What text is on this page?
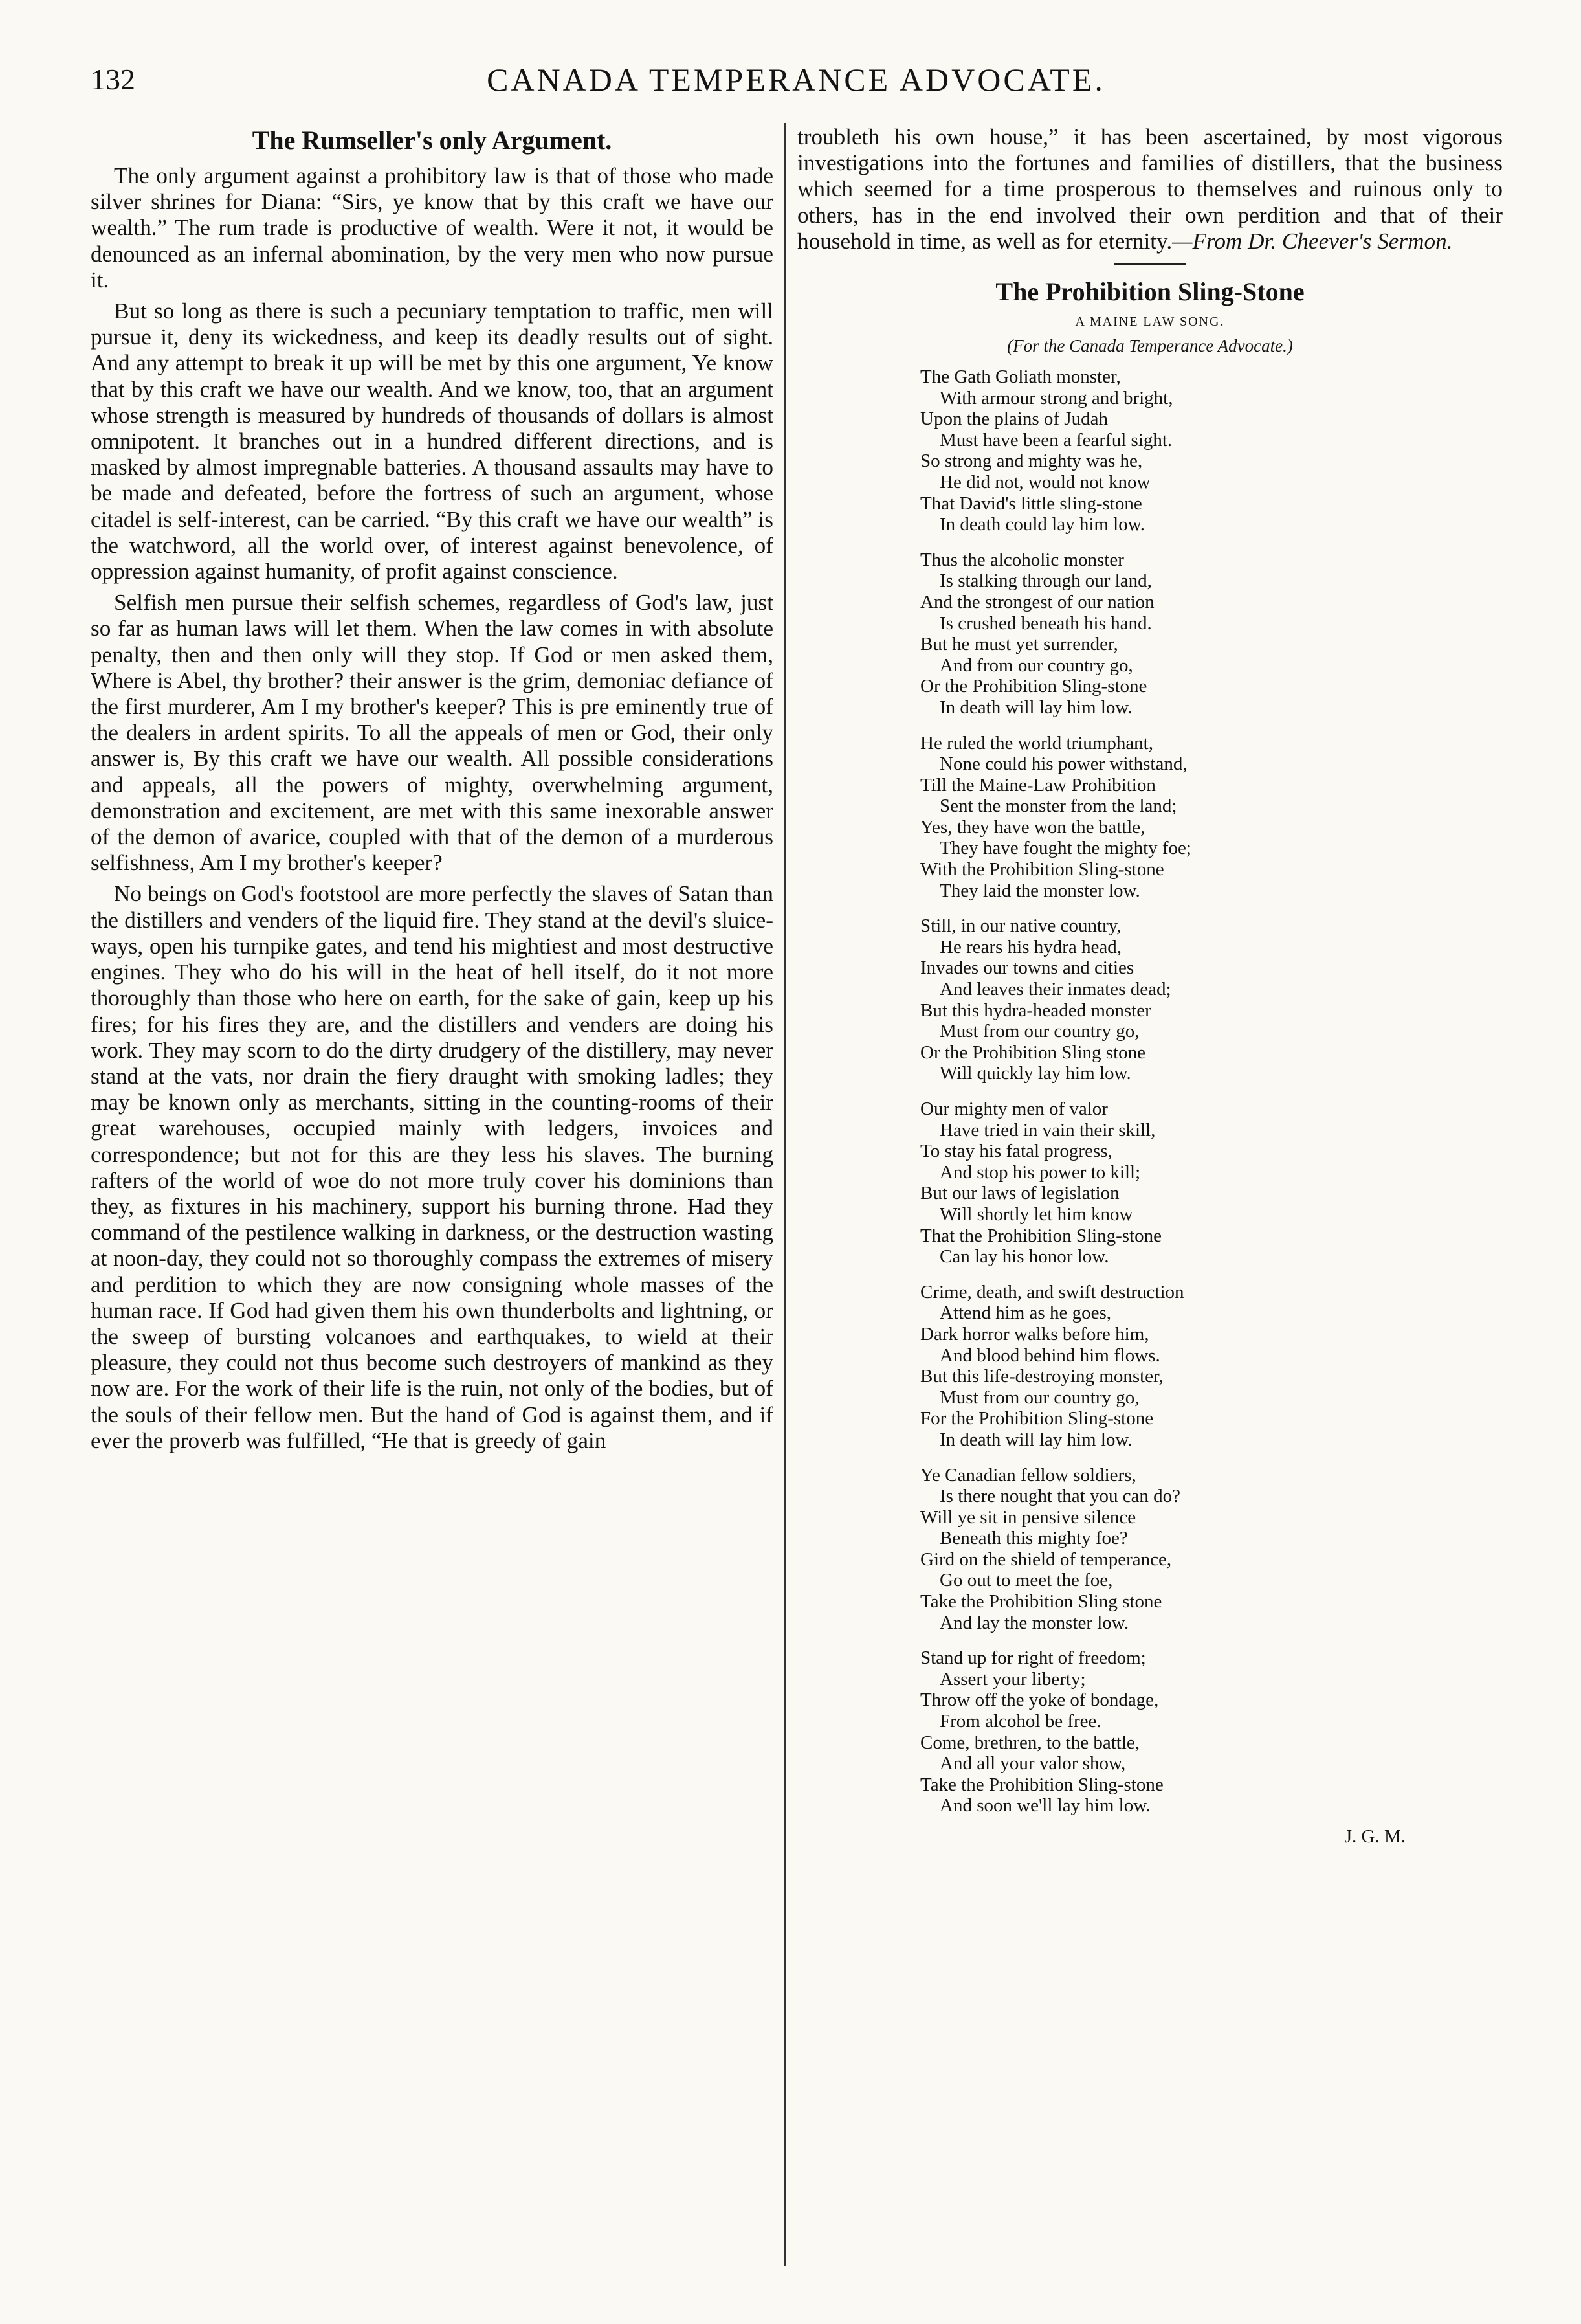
132	CANADA TEMPERANCE ADVOCATE.
The Rumseller's only Argument.

The only argument against a prohibitory law is that of those who made silver shrines for Diana: “Sirs, ye know that by this craft we have our wealth.” The rum trade is productive of wealth. Were it not, it would be denounced as an infernal abomination, by the very men who now pursue it.

But so long as there is such a pecuniary temptation to traffic, men will pursue it, deny its wickedness, and keep its deadly results out of sight. And any attempt to break it up will be met by this one argument, Ye know that by this craft we have our wealth. And we know, too, that an argument whose strength is measured by hundreds of thousands of dollars is almost omnipotent. It branches out in a hundred different directions, and is masked by almost impregnable batteries. A thousand assaults may have to be made and defeated, before the fortress of such an argument, whose citadel is self-interest, can be carried. “By this craft we have our wealth” is the watchword, all the world over, of interest against benevolence, of oppression against humanity, of profit against conscience.

Selfish men pursue their selfish schemes, regardless of God's law, just so far as human laws will let them. When the law comes in with absolute penalty, then and then only will they stop. If God or men asked them, Where is Abel, thy brother? their answer is the grim, demoniac defiance of the first murderer, Am I my brother's keeper? This is pre eminently true of the dealers in ardent spirits. To all the appeals of men or God, their only answer is, By this craft we have our wealth. All possible considerations and appeals, all the powers of mighty, overwhelming argument, demonstration and excitement, are met with this same inexorable answer of the demon of avarice, coupled with that of the demon of a murderous selfishness, Am I my brother's keeper?

No beings on God's footstool are more perfectly the slaves of Satan than the distillers and venders of the liquid fire. They stand at the devil's sluice-ways, open his turnpike gates, and tend his mightiest and most destructive engines. They who do his will in the heat of hell itself, do it not more thoroughly than those who here on earth, for the sake of gain, keep up his fires; for his fires they are, and the distillers and venders are doing his work. They may scorn to do the dirty drudgery of the distillery, may never stand at the vats, nor drain the fiery draught with smoking ladles; they may be known only as merchants, sitting in the counting-rooms of their great warehouses, occupied mainly with ledgers, invoices and correspondence; but not for this are they less his slaves. The burning rafters of the world of woe do not more truly cover his dominions than they, as fixtures in his machinery, support his burning throne. Had they command of the pestilence walking in darkness, or the destruction wasting at noon-day, they could not so thoroughly compass the extremes of misery and perdition to which they are now consigning whole masses of the human race. If God had given them his own thunderbolts and lightning, or the sweep of bursting volcanoes and earthquakes, to wield at their pleasure, they could not thus become such destroyers of mankind as they now are. For the work of their life is the ruin, not only of the bodies, but of the souls of their fellow men. But the hand of God is against them, and if ever the proverb was fulfilled, “He that is greedy of gain

troubleth his own house,” it has been ascertained, by most vigorous investigations into the fortunes and families of distillers, that the business which seemed for a time prosperous to themselves and ruinous only to others, has in the end involved their own perdition and that of their household in time, as well as for eternity.—From Dr. Cheever's Sermon.

The Prohibition Sling-Stone
A MAINE LAW SONG.
(For the Canada Temperance Advocate.)
The Gath Goliath monster,
With armour strong and bright,
Upon the plains of Judah
Must have been a fearful sight.
So strong and mighty was he,
He did not, would not know
That David's little sling-stone
In death could lay him low.
Thus the alcoholic monster
Is stalking through our land,
And the strongest of our nation
Is crushed beneath his hand.
But he must yet surrender,
And from our country go,
Or the Prohibition Sling-stone
In death will lay him low.
He ruled the world triumphant,
None could his power withstand,
Till the Maine-Law Prohibition
Sent the monster from the land;
Yes, they have won the battle,
They have fought the mighty foe;
With the Prohibition Sling-stone
They laid the monster low.
Still, in our native country,
He rears his hydra head,
Invades our towns and cities
And leaves their inmates dead;
But this hydra-headed monster
Must from our country go,
Or the Prohibition Sling stone
Will quickly lay him low.
Our mighty men of valor
Have tried in vain their skill,
To stay his fatal progress,
And stop his power to kill;
But our laws of legislation
Will shortly let him know
That the Prohibition Sling-stone
Can lay his honor low.
Crime, death, and swift destruction
Attend him as he goes,
Dark horror walks before him,
And blood behind him flows.
But this life-destroying monster,
Must from our country go,
For the Prohibition Sling-stone
In death will lay him low.
Ye Canadian fellow soldiers,
Is there nought that you can do?
Will ye sit in pensive silence
Beneath this mighty foe?
Gird on the shield of temperance,
Go out to meet the foe,
Take the Prohibition Sling stone
And lay the monster low.
Stand up for right of freedom;
Assert your liberty;
Throw off the yoke of bondage,
From alcohol be free.
Come, brethren, to the battle,
And all your valor show,
Take the Prohibition Sling-stone
And soon we'll lay him low.
J. G. M.
